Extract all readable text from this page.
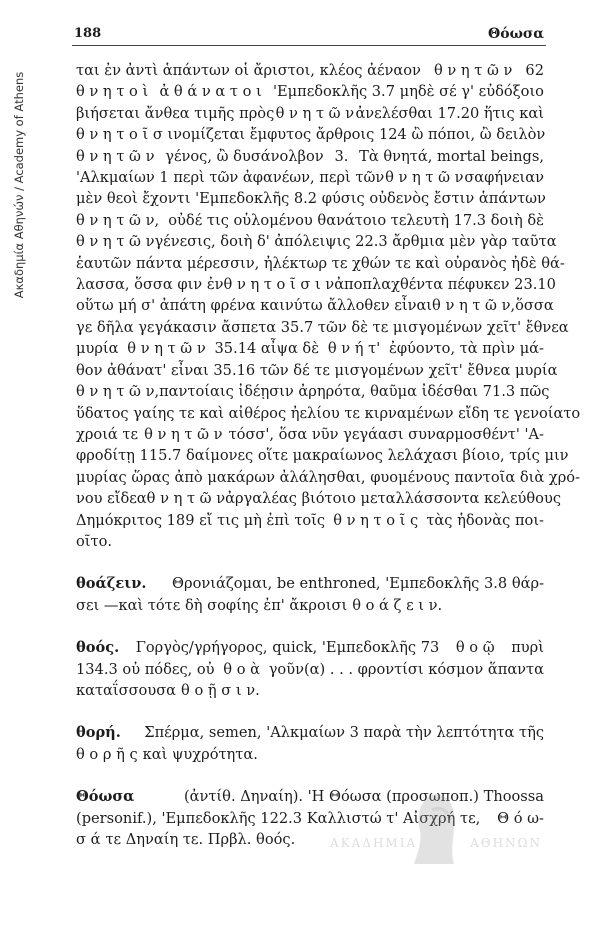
Ακαδημία Αθηνών / Academy of Athens
188	Θόωσα
ται ἐν ἀντὶ ἁπάντων οἱ ἄριστοι, κλέος ἀέναον θ ν η τ ῶ ν 62
θ ν η τ ο ὶ ἀ θ ά ν α τ ο ι 'Εμπεδοκλῆς 3.7 μηδὲ σέ γ' εὐδόξοιο
βιήσεται ἄνθεα τιμῆς πρὸς θ ν η τ ῶ ν ἀνελέσθαι 17.20 ἥτις καὶ
θ ν η τ ο ῖ σ ι νομίζεται ἔμφυτος ἄρθροις 124 ὢ πόποι, ὢ δειλὸν
θ ν η τ ῶ ν γένος, ὢ δυσάνολβον 3. Τὰ θνητά, mortal beings,
'Αλκμαίων 1 περὶ τῶν ἀφανέων, περὶ τῶν θ ν η τ ῶ ν σαφήνειαν
μὲν θεοὶ ἔχοντι 'Εμπεδοκλῆς 8.2 φύσις οὐδενὸς ἔστιν ἁπάντων
θ ν η τ ῶ ν, οὐδέ τις οὐλομένου θανάτοιο τελευτὴ 17.3 δοιὴ δὲ
θ ν η τ ῶ ν γένεσις, δοιὴ δ' ἀπόλειψις 22.3 ἄρθμια μὲν γὰρ ταῦτα
ἑαυτῶν πάντα μέρεσσιν, ἠλέκτωρ τε χθών τε καὶ οὐρανὸς ἠδὲ θά-
λασσα, ὅσσα φιν ἐν θ ν η τ ο ῖ σ ι ν ἀποπλαχθέντα πέφυκεν 23.10
οὕτω μή σ' ἀπάτη φρένα καινύτω ἄλλοθεν εἶναι θ ν η τ ῶ ν, ὅσσα
γε δῆλα γεγάκασιν ἄσπετα 35.7 τῶν δὲ τε μισγομένων χεῖτ' ἔθνεα
μυρία θ ν η τ ῶ ν 35.14 αἶψα δὲ θ ν ή τ' ἐφύοντο, τὰ πρὶν μά-
θον ἀθάνατ' εἶναι 35.16 τῶν δέ τε μισγομένων χεῖτ' ἔθνεα μυρία
θ ν η τ ῶ ν, παντοίαις ἰδέῃσιν ἀρηρότα, θαῦμα ἰδέσθαι 71.3 πῶς
ὕδατος γαίης τε καὶ αἰθέρος ἠελίου τε κιρναμένων εἴδη τε γενοίατο
χροιά τε θ ν η τ ῶ ν τόσσ', ὅσα νῦν γεγάασι συναρμοσθέντ' 'Α-
φροδίτῃ 115.7 δαίμονες οἵτε μακραίωνος λελάχασι βίοιο, τρίς μιν
μυρίας ὥρας ἀπὸ μακάρων ἀλάλησθαι, φυομένους παντοῖα διὰ χρό-
νου εἴδεα θ ν η τ ῶ ν ἀργαλέας βιότοιο μεταλλάσσοντα κελεύθους
Δημόκριτος 189 εἴ τις μὴ ἐπὶ τοῖς θ ν η τ ο ῖ ς τὰς ἡδονὰς ποι-
οῖτο.
θοάζειν. Θρονιάζομαι, be enthroned, 'Εμπεδοκλῆς 3.8 θάρ-
σει —καὶ τότε δὴ σοφίης ἐπ' ἄκροισι θ ο ά ζ ε ι ν.
θοός. Γοργὸς/γρήγορος, quick, 'Εμπεδοκλῆς 73 θ ο ῷ πυρὶ
134.3 οὐ πόδες, οὐ θ ο ὰ γοῦν(α) . . . φροντίσι κόσμον ἅπαντα
καταΐσσουσα θ ο ῇ σ ι ν.
θορή. Σπέρμα, semen, 'Αλκμαίων 3 παρὰ τὴν λεπτότητα τῆς
θ ο ρ ῆ ς καὶ ψυχρότητα.
Θόωσα	(ἀντίθ. Δηναίη). 'Η Θόωσα (προσωποπ.) Thoossa
(personif.), 'Εμπεδοκλῆς 122.3 Καλλιστώ τ' Αἰσχρή τε, Θ ό ω-
σ ά τε Δηναίη τε. Πρβλ. θοός.	ΑΚΑΔΗΜΙΑ	ΑΘΗΝΩΝ
